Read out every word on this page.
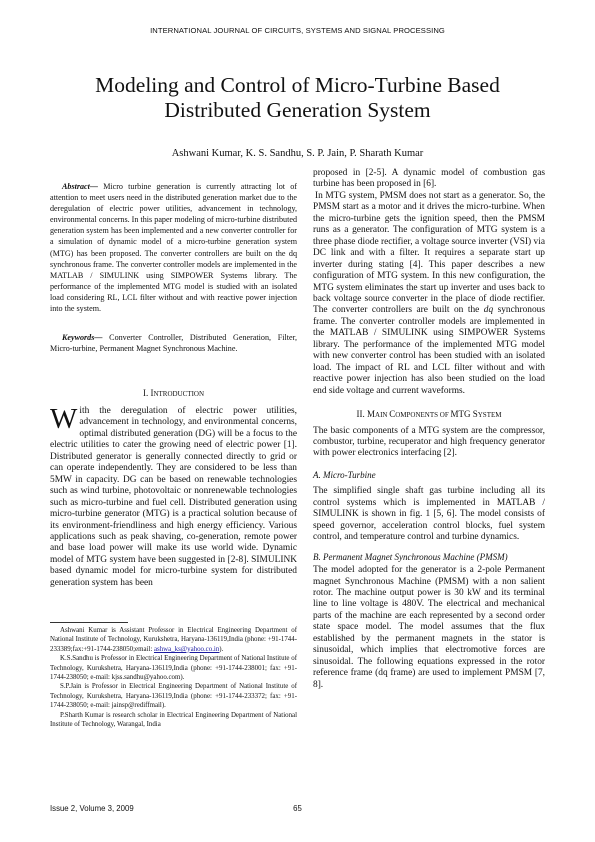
INTERNATIONAL JOURNAL OF CIRCUITS, SYSTEMS AND SIGNAL PROCESSING
Modeling and Control of Micro-Turbine Based
Distributed Generation System
Ashwani Kumar, K. S. Sandhu, S. P. Jain, P. Sharath Kumar
Abstract— Micro turbine generation is currently attracting lot of attention to meet users need in the distributed generation market due to the deregulation of electric power utilities, advancement in technology, environmental concerns. In this paper modeling of micro-turbine distributed generation system has been implemented and a new converter controller for a simulation of dynamic model of a micro-turbine generation system (MTG) has been proposed. The converter controllers are built on the dq synchronous frame. The converter controller models are implemented in the MATLAB / SIMULINK using SIMPOWER Systems library. The performance of the implemented MTG model is studied with an isolated load considering RL, LCL filter without and with reactive power injection into the system.
Keywords— Converter Controller, Distributed Generation, Filter, Micro-turbine, Permanent Magnet Synchronous Machine.
I. INTRODUCTION
With the deregulation of electric power utilities, advancement in technology, and environmental concerns, optimal distributed generation (DG) will be a focus to the electric utilities to cater the growing need of electric power [1]. Distributed generator is generally connected directly to grid or can operate independently. They are considered to be less than 5MW in capacity. DG can be based on renewable technologies such as wind turbine, photovoltaic or nonrenewable technologies such as micro-turbine and fuel cell. Distributed generation using micro-turbine generator (MTG) is a practical solution because of its environment-friendliness and high energy efficiency. Various applications such as peak shaving, co-generation, remote power and base load power will make its use world wide. Dynamic model of MTG system have been suggested in [2-8]. SIMULINK based dynamic model for micro-turbine system for distributed generation system has been

Ashwani Kumar is Assistant Professor in Electrical Engineering Department of National Institute of Technology, Kurukshetra, Haryana-136119,India (phone: +91-1744-233389;fax:+91-1744-238050;email: ashwa_ks@yahoo.co.in).

K.S.Sandhu is Professor in Electrical Engineering Department of National Institute of Technology, Kurukshetra, Haryana-136119,India (phone: +91-1744-238001; fax: +91-1744-238050; e-mail: kjss.sandhu@yahoo.com).

S.P.Jain is Professor in Electrical Engineering Department of National Institute of Technology, Kurukshetra, Haryana-136119,India (phone: +91-1744-233372; fax: +91-1744-238050; e-mail: jainsp@rediffmail).

P.Sharth Kumar is research scholar in Electrical Engineering Department of National Institute of Technology, Warangal, India

proposed in [2-5]. A dynamic model of combustion gas turbine has been proposed in [6].

In MTG system, PMSM does not start as a generator. So, the PMSM start as a motor and it drives the micro-turbine. When the micro-turbine gets the ignition speed, then the PMSM runs as a generator. The configuration of MTG system is a three phase diode rectifier, a voltage source inverter (VSI) via DC link and with a filter. It requires a separate start up inverter during stating [4]. This paper describes a new configuration of MTG system. In this new configuration, the MTG system eliminates the start up inverter and uses back to back voltage source converter in the place of diode rectifier. The converter controllers are built on the dq synchronous frame. The converter controller models are implemented in the MATLAB / SIMULINK using SIMPOWER Systems library. The performance of the implemented MTG model with new converter control has been studied with an isolated load. The impact of RL and LCL filter without and with reactive power injection has also been studied on the load end side voltage and current waveforms.

II. MAIN COMPONENTS OF MTG SYSTEM

The basic components of a MTG system are the compressor, combustor, turbine, recuperator and high frequency generator with power electronics interfacing [2].

A. Micro-Turbine

The simplified single shaft gas turbine including all its control systems which is implemented in MATLAB / SIMULINK is shown in fig. 1 [5, 6]. The model consists of speed governor, acceleration control blocks, fuel system control, and temperature control and turbine dynamics.

B. Permanent Magnet Synchronous Machine (PMSM)

The model adopted for the generator is a 2-pole Permanent magnet Synchronous Machine (PMSM) with a non salient rotor. The machine output power is 30 kW and its terminal line to line voltage is 480V. The electrical and mechanical parts of the machine are each represented by a second order state space model. The model assumes that the flux established by the permanent magnets in the stator is sinusoidal, which implies that electromotive forces are sinusoidal. The following equations expressed in the rotor reference frame (dq frame) are used to implement PMSM [7, 8].

Issue 2, Volume 3, 2009	65
